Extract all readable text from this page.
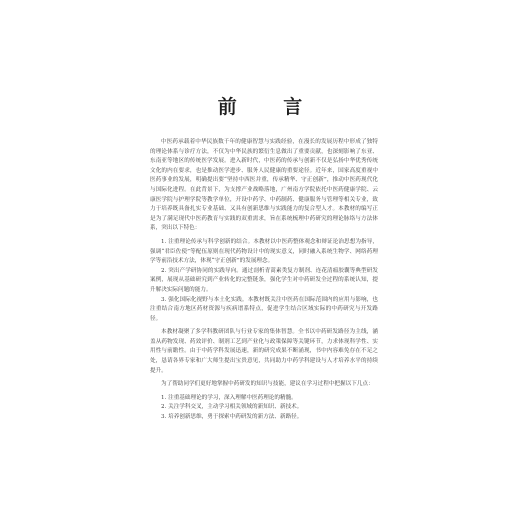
前 言

中医药承载着中华民族数千年的健康智慧与实践经验，在漫长的发展历程中形成了独特的理论体系与诊疗方法，不仅为中华民族的繁衍生息做出了重要贡献，也深刻影响了东亚、东南亚等地区的传统医学发展。进入新时代，中医药的传承与创新不仅是弘扬中华优秀传统文化的内在要求，也是推动医学进步、服务人民健康的重要途径。近年来，国家高度重视中医药事业的发展，明确提出要“坚持中西医并重，传承精华、守正创新”，推动中医药现代化与国际化进程。在此背景下，为支撑产业战略落地，广州南方学院依托中医药健康学院、云康医学院与护理学院等教学单位，开设中药学、中药制药、健康服务与管理等相关专业，致力于培养既具备扎实专业基础、又具有创新思维与实践能力的复合型人才。本教材的编写正是为了满足现代中医药教育与实践的双重需求，旨在系统梳理中药研究的理论脉络与方法体系，突出以下特色：

1. 注重理论传承与科学创新的结合。本教材以中医药整体观念和辩证论治思想为指导，强调“君臣佐使”等配伍原则在现代药物设计中的现实意义，同时融入系统生物学、网络药理学等前沿技术方法，体现“守正创新”的发展理念。

2. 突出产学研协同的实践导向。通过剖析青蒿素类复方制剂、连花清瘟胶囊等典型研发案例，展现从基础研究到产业转化的完整链条，强化学生对中药研发全过程的系统认知，提升解决实际问题的能力。

3. 强化国际化视野与本土化实践。本教材既关注中医药在国际范围内的应用与影响，也注重结合南方地区药材资源与疾病谱系特点，促进学生结合区域实际的中药研究与开发路径。

本教材凝聚了多学科教研团队与行业专家的集体智慧。全书以中药研发路径为主线，涵盖从药物发现、药效评价、制剂工艺到产业化与政策保障等关键环节，力求体现科学性、实用性与前瞻性。由于中药学科发展迅速，新的研究成果不断涌现，书中内容难免存在不足之处，恳请各界专家和广大师生提出宝贵意见，共同助力中药学科建设与人才培养水平的持续提升。

为了帮助同学们更好地掌握中药研发的知识与技能，建议在学习过程中把握以下几点：

1. 注重基础理论的学习，深入理解中医药理论的精髓。

2. 关注学科交叉，主动学习相关领域的新知识、新技术。

3. 培养创新思维，勇于探索中药研发的新方法、新路径。
